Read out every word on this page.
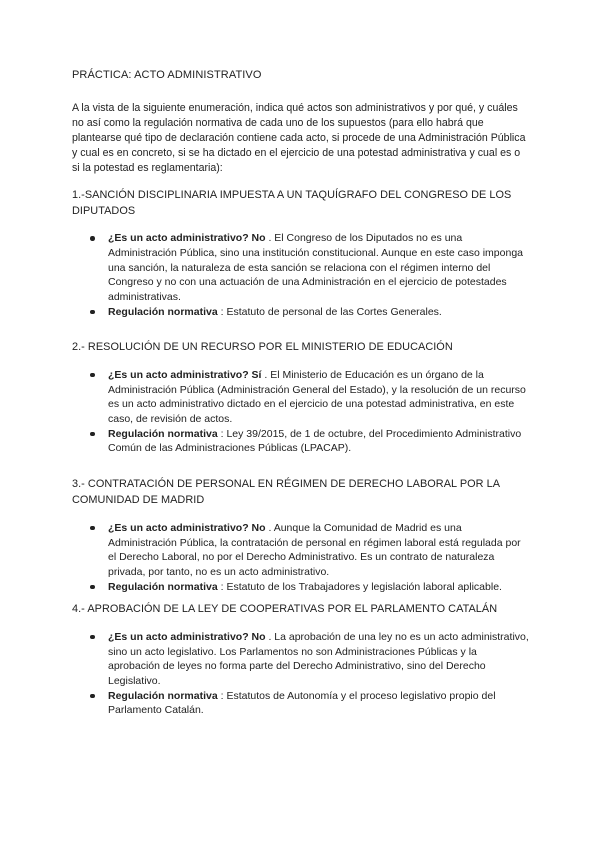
PRÁCTICA: ACTO ADMINISTRATIVO

A la vista de la siguiente enumeración, indica qué actos son administrativos y por qué, y cuáles no así como la regulación normativa de cada uno de los supuestos (para ello habrá que plantearse qué tipo de declaración contiene cada acto, si procede de una Administración Pública y cual es en concreto, si se ha dictado en el ejercicio de una potestad administrativa y cual es o si la potestad es reglamentaria):

1.-SANCIÓN DISCIPLINARIA IMPUESTA A UN TAQUÍGRAFO DEL CONGRESO DE LOS DIPUTADOS

¿Es un acto administrativo? No . El Congreso de los Diputados no es una Administración Pública, sino una institución constitucional. Aunque en este caso imponga una sanción, la naturaleza de esta sanción se relaciona con el régimen interno del Congreso y no con una actuación de una Administración en el ejercicio de potestades administrativas.
Regulación normativa : Estatuto de personal de las Cortes Generales.

2.- RESOLUCIÓN DE UN RECURSO POR EL MINISTERIO DE EDUCACIÓN

¿Es un acto administrativo? Sí . El Ministerio de Educación es un órgano de la Administración Pública (Administración General del Estado), y la resolución de un recurso es un acto administrativo dictado en el ejercicio de una potestad administrativa, en este caso, de revisión de actos.
Regulación normativa : Ley 39/2015, de 1 de octubre, del Procedimiento Administrativo Común de las Administraciones Públicas (LPACAP).

3.- CONTRATACIÓN DE PERSONAL EN RÉGIMEN DE DERECHO LABORAL POR LA COMUNIDAD DE MADRID

¿Es un acto administrativo? No . Aunque la Comunidad de Madrid es una Administración Pública, la contratación de personal en régimen laboral está regulada por el Derecho Laboral, no por el Derecho Administrativo. Es un contrato de naturaleza privada, por tanto, no es un acto administrativo.
Regulación normativa : Estatuto de los Trabajadores y legislación laboral aplicable.

4.- APROBACIÓN DE LA LEY DE COOPERATIVAS POR EL PARLAMENTO CATALÁN

¿Es un acto administrativo? No . La aprobación de una ley no es un acto administrativo, sino un acto legislativo. Los Parlamentos no son Administraciones Públicas y la aprobación de leyes no forma parte del Derecho Administrativo, sino del Derecho Legislativo.
Regulación normativa : Estatutos de Autonomía y el proceso legislativo propio del Parlamento Catalán.
